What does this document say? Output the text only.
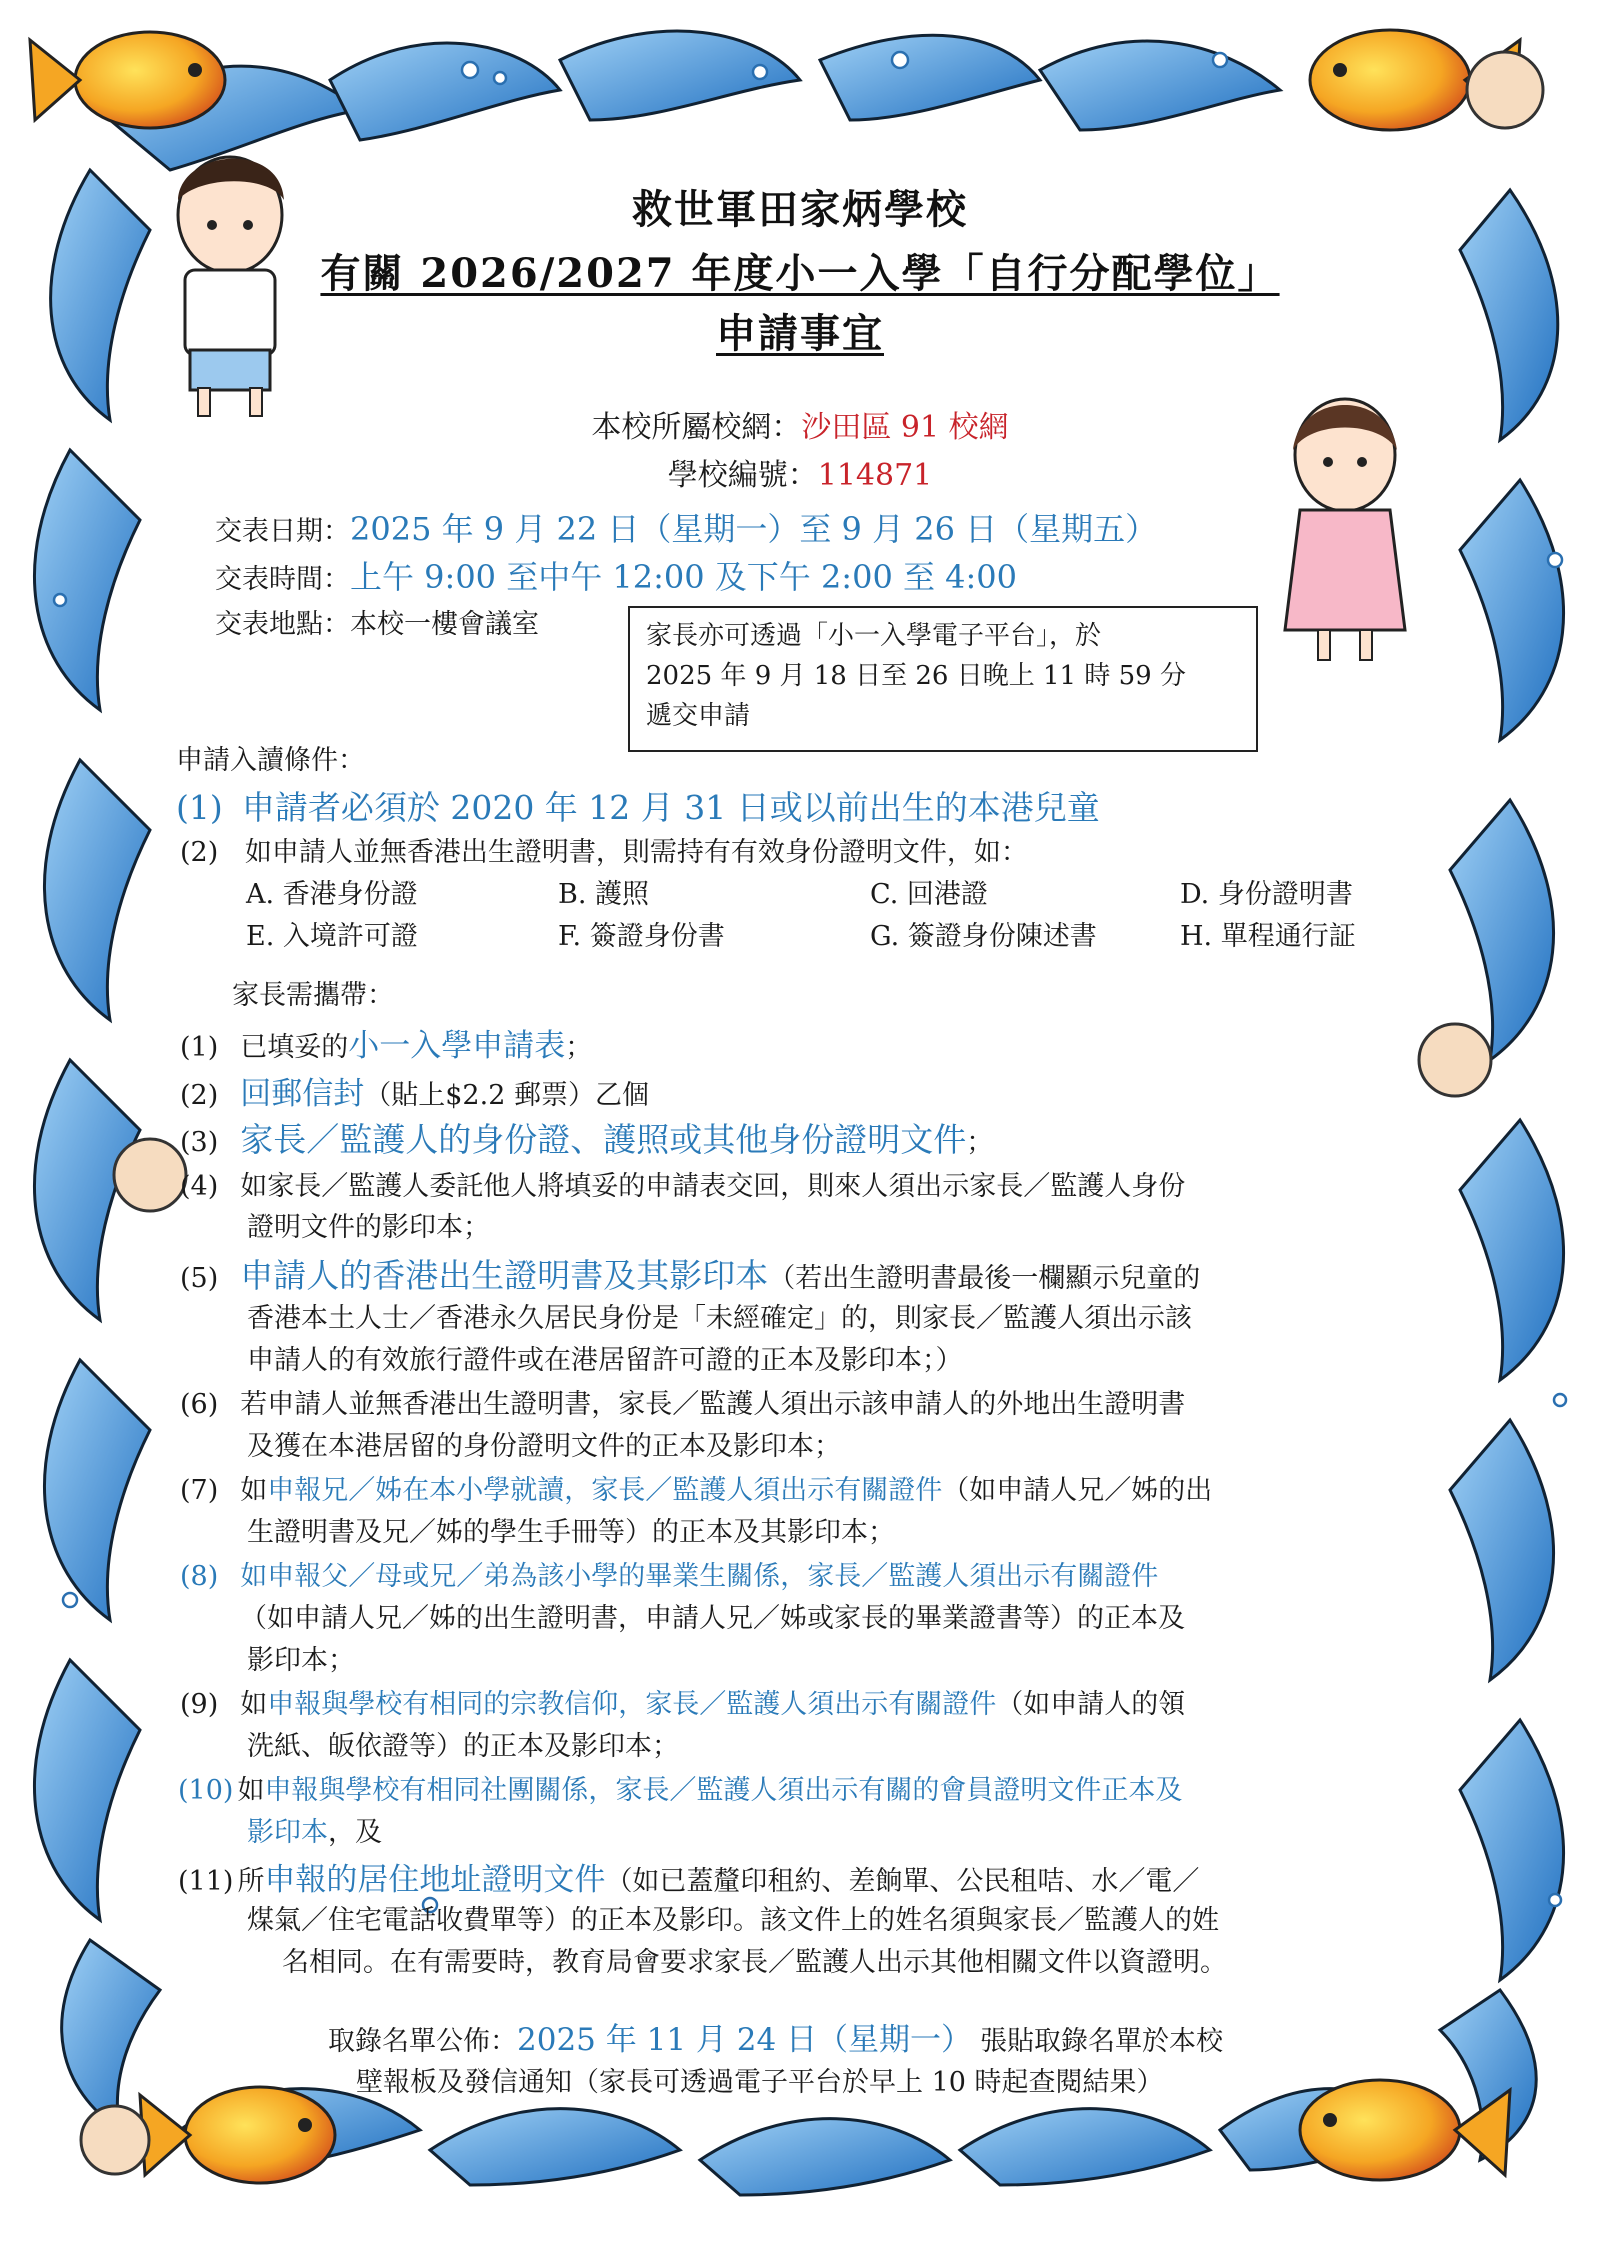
救世軍田家炳學校
有關 2026/2027 年度小一入學「自行分配學位」
申請事宜
本校所屬校網：沙田區 91 校網
學校編號：114871
交表日期：2025 年 9 月 22 日（星期一）至 9 月 26 日（星期五）
交表時間：上午 9:00 至中午 12:00 及下午 2:00 至 4:00
交表地點：本校一樓會議室	家長亦可透過「小一入學電子平台」，於
2025 年 9 月 18 日至 26 日晚上 11 時 59 分
遞交申請
申請入讀條件：
(1) 申請者必須於 2020 年 12 月 31 日或以前出生的本港兒童
(2) 如申請人並無香港出生證明書，則需持有有效身份證明文件，如：
A. 香港身份證	B. 護照	C. 回港證	D. 身份證明書
E. 入境許可證	F. 簽證身份書	G. 簽證身份陳述書	H. 單程通行証
家長需攜帶：
(1) 已填妥的小一入學申請表；
(2) 回郵信封（貼上$2.2 郵票）乙個
(3) 家長／監護人的身份證、護照或其他身份證明文件；
(4) 如家長／監護人委託他人將填妥的申請表交回，則來人須出示家長／監護人身份
證明文件的影印本；
(5) 申請人的香港出生證明書及其影印本（若出生證明書最後一欄顯示兒童的
香港本土人士／香港永久居民身份是「未經確定」的，則家長／監護人須出示該
申請人的有效旅行證件或在港居留許可證的正本及影印本；）
(6) 若申請人並無香港出生證明書，家長／監護人須出示該申請人的外地出生證明書
及獲在本港居留的身份證明文件的正本及影印本；
(7) 如申報兄／姊在本小學就讀，家長／監護人須出示有關證件（如申請人兄／姊的出
生證明書及兄／姊的學生手冊等）的正本及其影印本；
(8) 如申報父／母或兄／弟為該小學的畢業生關係，家長／監護人須出示有關證件
（如申請人兄／姊的出生證明書，申請人兄／姊或家長的畢業證書等）的正本及
影印本；
(9) 如申報與學校有相同的宗教信仰，家長／監護人須出示有關證件（如申請人的領
洗紙、皈依證等）的正本及影印本；
(10) 如申報與學校有相同社團關係，家長／監護人須出示有關的會員證明文件正本及
影印本，及
(11) 所申報的居住地址證明文件（如已蓋釐印租約、差餉單、公民租咭、水／電／
煤氣／住宅電話收費單等）的正本及影印。該文件上的姓名須與家長／監護人的姓
名相同。在有需要時，教育局會要求家長／監護人出示其他相關文件以資證明。
取錄名單公佈：2025 年 11 月 24 日（星期一） 張貼取錄名單於本校
壁報板及發信通知（家長可透過電子平台於早上 10 時起查閱結果）
